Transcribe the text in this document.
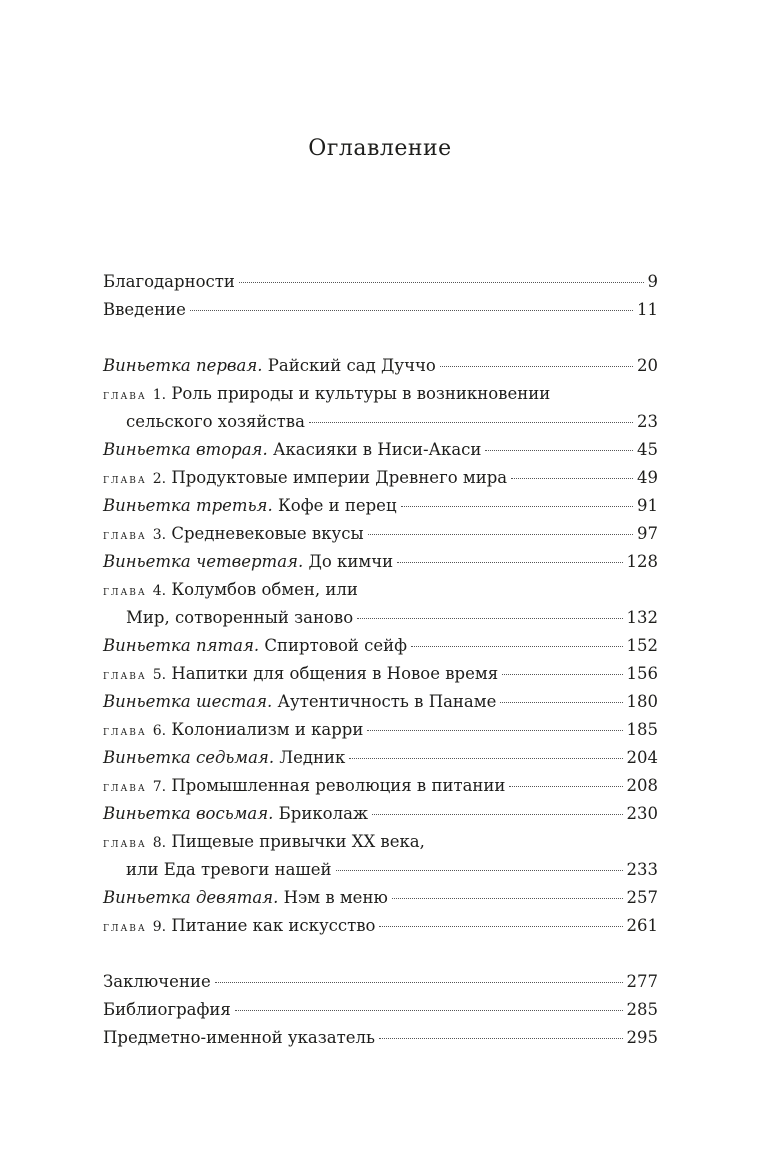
Оглавление
Благодарности	9
Введение	11
Виньетка первая. Райский сад Дуччо	20
глава 1. Роль природы и культуры в возникновении
сельского хозяйства	23
Виньетка вторая. Акасияки в Ниси-Акаси	45
глава 2. Продуктовые империи Древнего мира	49
Виньетка третья. Кофе и перец	91
глава 3. Средневековые вкусы	97
Виньетка четвертая. До кимчи	128
глава 4. Колумбов обмен, или
Мир, сотворенный заново	132
Виньетка пятая. Спиртовой сейф	152
глава 5. Напитки для общения в Новое время	156
Виньетка шестая. Аутентичность в Панаме	180
глава 6. Колониализм и карри	185
Виньетка седьмая. Ледник	204
глава 7. Промышленная революция в питании	208
Виньетка восьмая. Бриколаж	230
глава 8. Пищевые привычки XX века,
или Еда тревоги нашей	233
Виньетка девятая. Нэм в меню	257
глава 9. Питание как искусство	261
Заключение	277
Библиография	285
Предметно-именной указатель	295
